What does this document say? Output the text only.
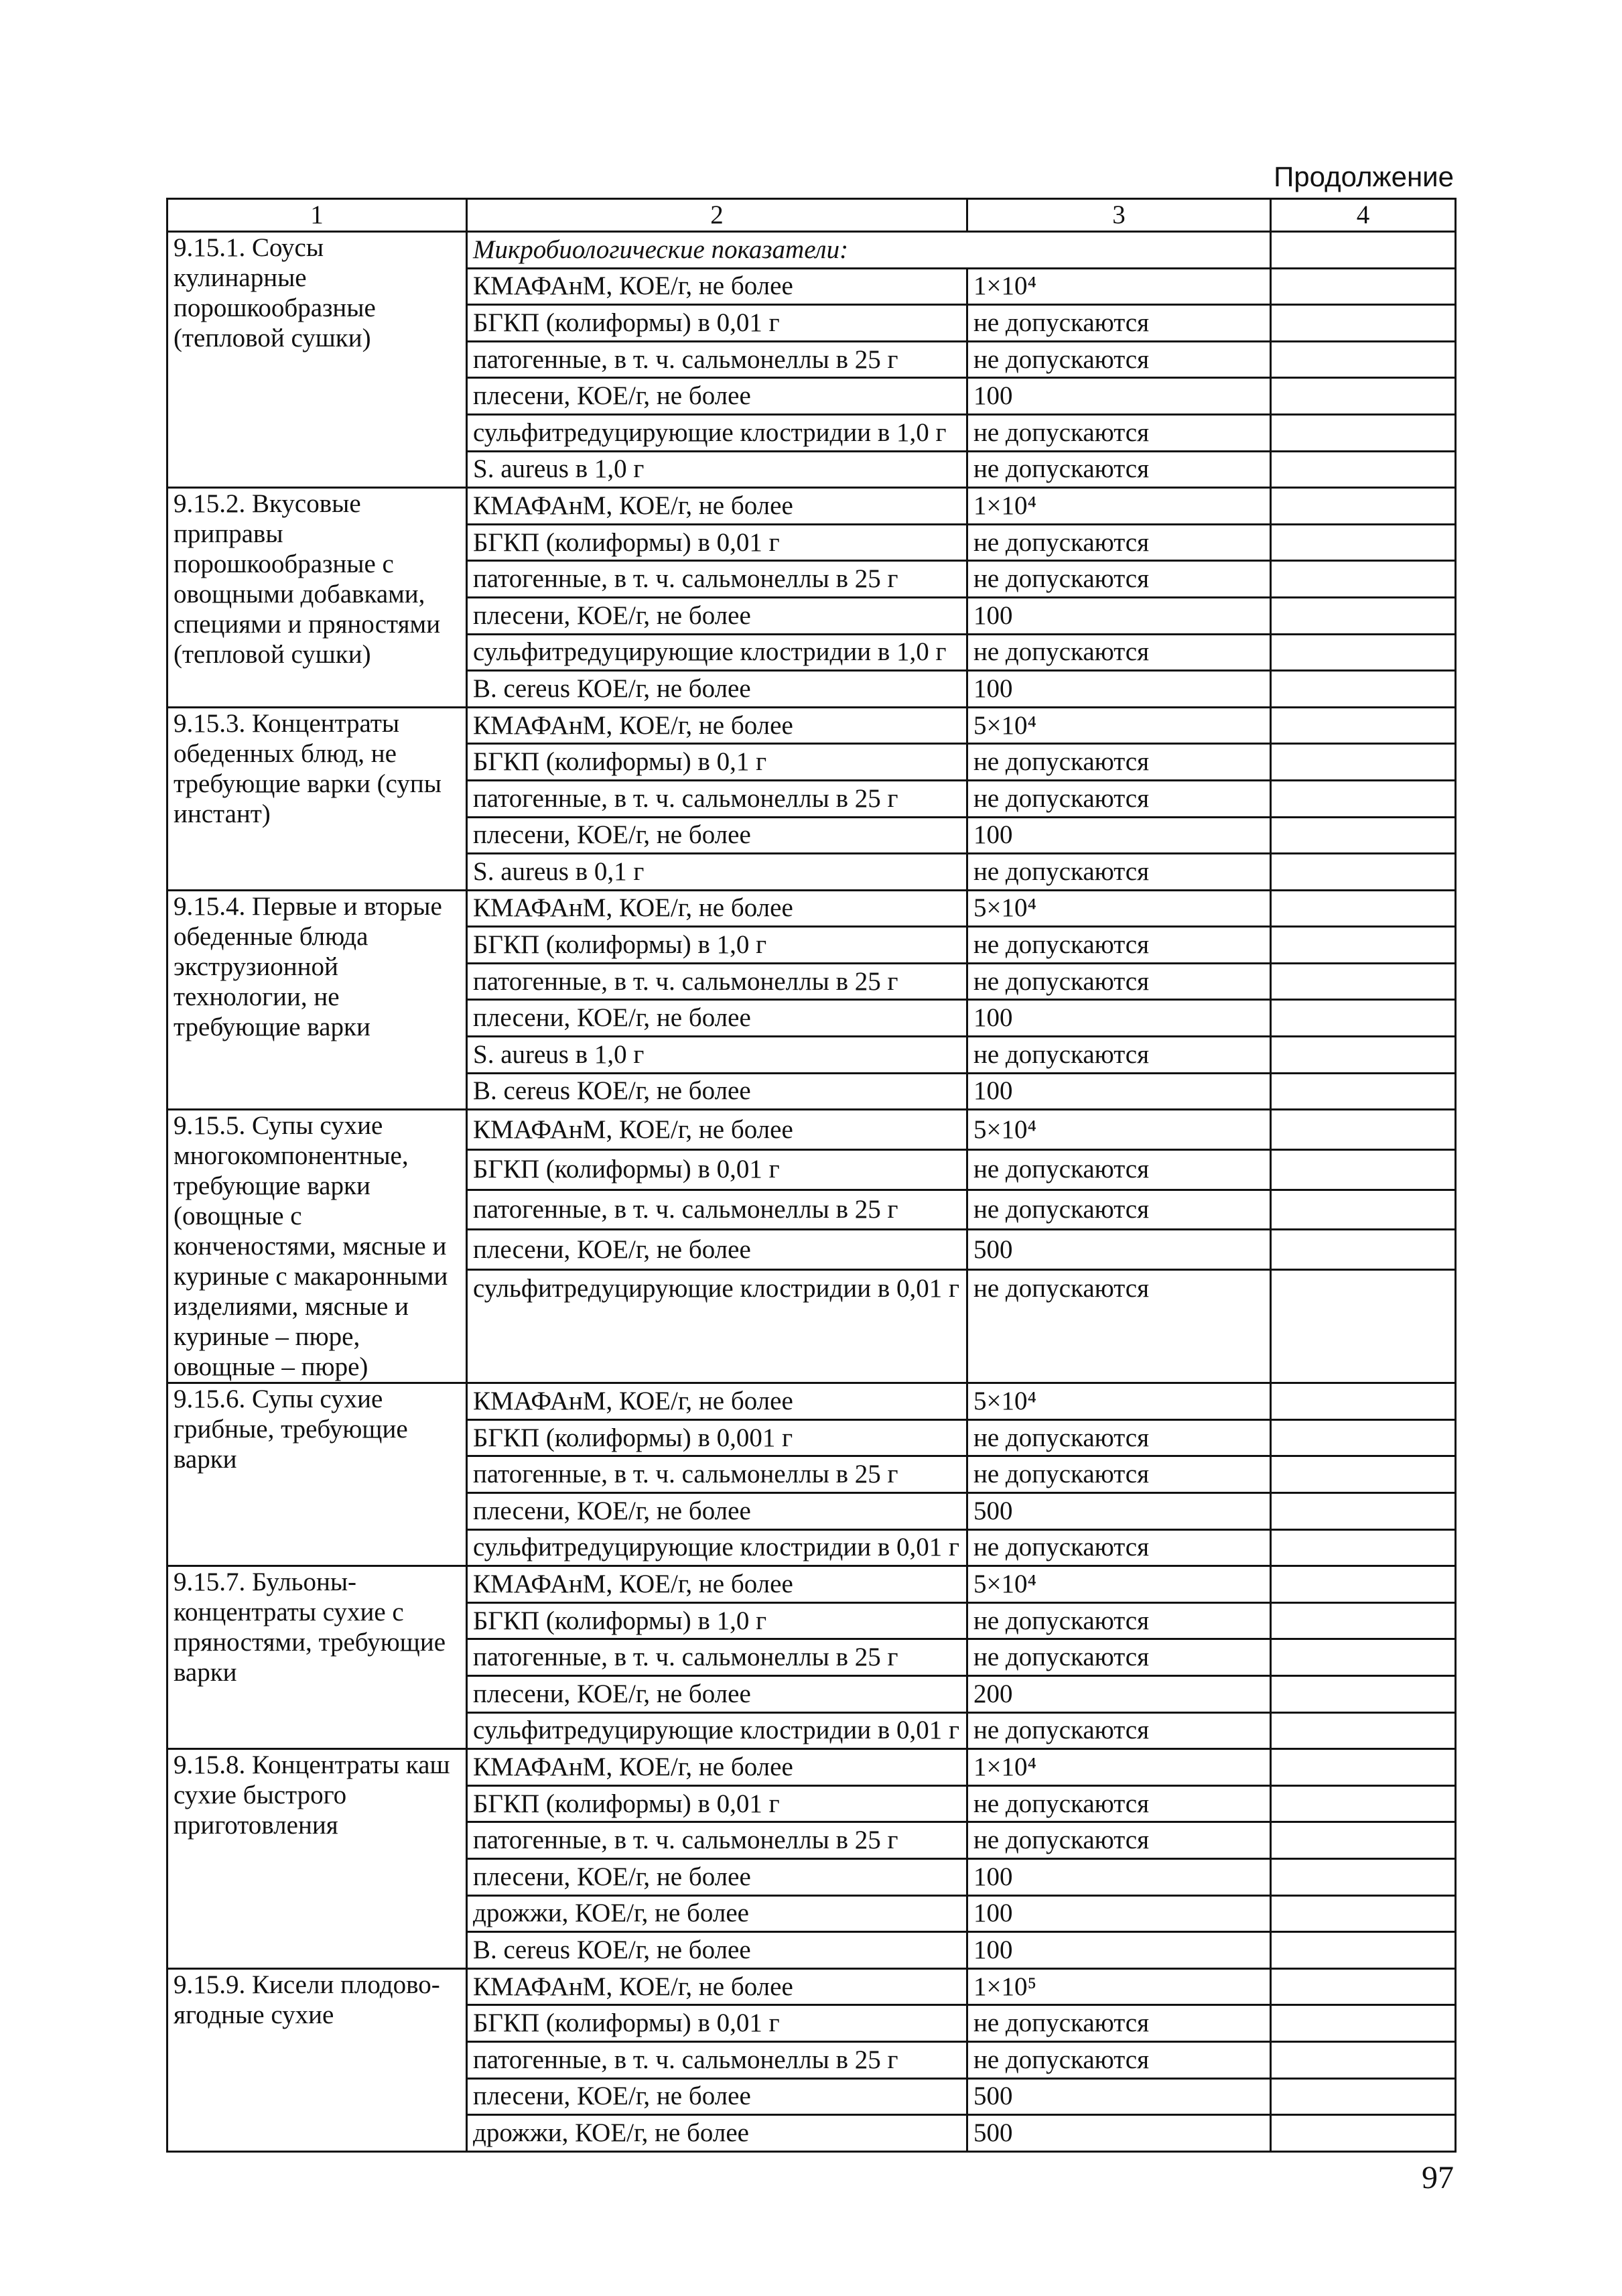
Продолжение
1	2	3	4
9.15.1. Соусы кулинарные порошкообразные (тепловой сушки)	Микробиологические показатели:		
	КМАФАнМ, КОЕ/г, не более	1×10⁴	
	БГКП (колиформы) в 0,01 г	не допускаются	
	патогенные, в т. ч. сальмонеллы в 25 г	не допускаются	
	плесени, КОЕ/г, не более	100	
	сульфитредуцирующие клостридии в 1,0 г	не допускаются	
	S. aureus в 1,0 г	не допускаются	
9.15.2. Вкусовые приправы порошкообразные с овощными добавками, специями и пряностями (тепловой сушки)	КМАФАнМ, КОЕ/г, не более	1×10⁴	
	БГКП (колиформы) в 0,01 г	не допускаются	
	патогенные, в т. ч. сальмонеллы в 25 г	не допускаются	
	плесени, КОЕ/г, не более	100	
	сульфитредуцирующие клостридии в 1,0 г	не допускаются	
	B. cereus КОЕ/г, не более	100	
9.15.3. Концентраты обеденных блюд, не требующие варки (супы инстант)	КМАФАнМ, КОЕ/г, не более	5×10⁴	
	БГКП (колиформы) в 0,1 г	не допускаются	
	патогенные, в т. ч. сальмонеллы в 25 г	не допускаются	
	плесени, КОЕ/г, не более	100	
	S. aureus в 0,1 г	не допускаются	
9.15.4. Первые и вторые обеденные блюда экструзионной технологии, не требующие варки	КМАФАнМ, КОЕ/г, не более	5×10⁴	
	БГКП (колиформы) в 1,0 г	не допускаются	
	патогенные, в т. ч. сальмонеллы в 25 г	не допускаются	
	плесени, КОЕ/г, не более	100	
	S. aureus в 1,0 г	не допускаются	
	B. cereus КОЕ/г, не более	100	
9.15.5. Супы сухие многокомпонентные, требующие варки (овощные с конченостями, мясные и куриные с макаронными изделиями, мясные и куриные – пюре, овощные – пюре)	КМАФАнМ, КОЕ/г, не более	5×10⁴	
	БГКП (колиформы) в 0,01 г	не допускаются	
	патогенные, в т. ч. сальмонеллы в 25 г	не допускаются	
	плесени, КОЕ/г, не более	500	
	сульфитредуцирующие клостридии в 0,01 г	не допускаются	
9.15.6. Супы сухие грибные, требующие варки	КМАФАнМ, КОЕ/г, не более	5×10⁴	
	БГКП (колиформы) в 0,001 г	не допускаются	
	патогенные, в т. ч. сальмонеллы в 25 г	не допускаются	
	плесени, КОЕ/г, не более	500	
	сульфитредуцирующие клостридии в 0,01 г	не допускаются	
9.15.7. Бульоны-концентраты сухие с пряностями, требующие варки	КМАФАнМ, КОЕ/г, не более	5×10⁴	
	БГКП (колиформы) в 1,0 г	не допускаются	
	патогенные, в т. ч. сальмонеллы в 25 г	не допускаются	
	плесени, КОЕ/г, не более	200	
	сульфитредуцирующие клостридии в 0,01 г	не допускаются	
9.15.8. Концентраты каш сухие быстрого приготовления	КМАФАнМ, КОЕ/г, не более	1×10⁴	
	БГКП (колиформы) в 0,01 г	не допускаются	
	патогенные, в т. ч. сальмонеллы в 25 г	не допускаются	
	плесени, КОЕ/г, не более	100	
	дрожжи, КОЕ/г, не более	100	
	B. cereus КОЕ/г, не более	100	
9.15.9. Кисели плодово-ягодные сухие	КМАФАнМ, КОЕ/г, не более	1×10⁵	
	БГКП (колиформы) в 0,01 г	не допускаются	
	патогенные, в т. ч. сальмонеллы в 25 г	не допускаются	
	плесени, КОЕ/г, не более	500	
	дрожжи, КОЕ/г, не более	500	
97
